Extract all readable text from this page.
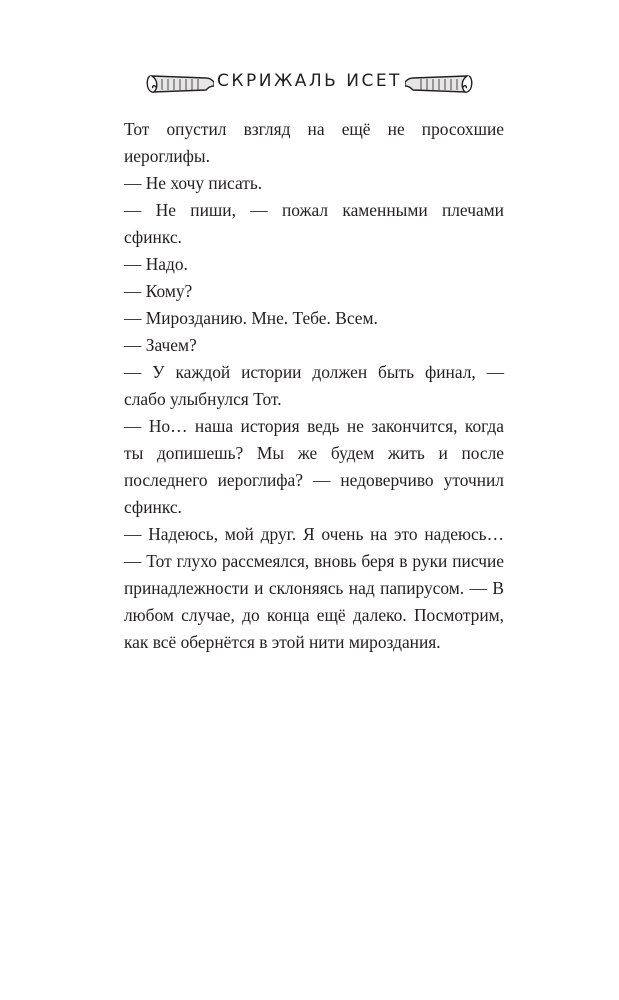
СКРИЖАЛЬ ИСЕТ

Тот опустил взгляд на ещё не просохшие иероглифы.

— Не хочу писать.

— Не пиши, — пожал каменными плечами сфинкс.

— Надо.

— Кому?

— Мирозданию. Мне. Тебе. Всем.

— Зачем?

— У каждой истории должен быть финал, — слабо улыбнулся Тот.

— Но… наша история ведь не закончится, когда ты допишешь? Мы же будем жить и после последнего иероглифа? — недоверчиво уточнил сфинкс.

— Надеюсь, мой друг. Я очень на это надеюсь… — Тот глухо рассмеялся, вновь беря в руки писчие принадлежности и склоняясь над папирусом. — В любом случае, до конца ещё далеко. Посмотрим, как всё обернётся в этой нити мироздания.
